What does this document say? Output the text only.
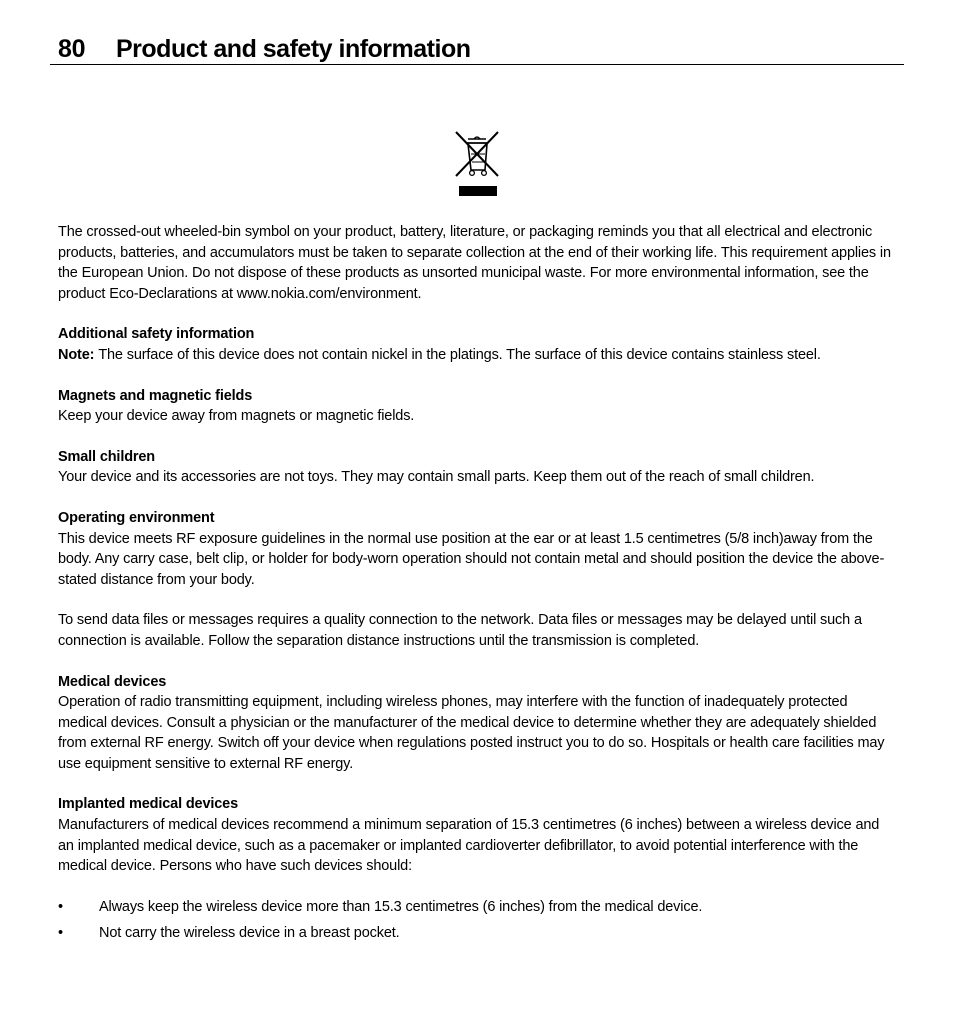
80	Product and safety information

The crossed-out wheeled-bin symbol on your product, battery, literature, or packaging reminds you that all electrical and electronic products, batteries, and accumulators must be taken to separate collection at the end of their working life. This requirement applies in the European Union. Do not dispose of these products as unsorted municipal waste. For more environmental information, see the product Eco-Declarations at www.nokia.com/environment.

Additional safety information

Note: The surface of this device does not contain nickel in the platings. The surface of this device contains stainless steel.

Magnets and magnetic fields

Keep your device away from magnets or magnetic fields.

Small children

Your device and its accessories are not toys. They may contain small parts. Keep them out of the reach of small children.

Operating environment

This device meets RF exposure guidelines in the normal use position at the ear or at least 1.5 centimetres (5/8 inch)away from the body. Any carry case, belt clip, or holder for body-worn operation should not contain metal and should position the device the above-stated distance from your body.

To send data files or messages requires a quality connection to the network. Data files or messages may be delayed until such a connection is available. Follow the separation distance instructions until the transmission is completed.

Medical devices

Operation of radio transmitting equipment, including wireless phones, may interfere with the function of inadequately protected medical devices. Consult a physician or the manufacturer of the medical device to determine whether they are adequately shielded from external RF energy. Switch off your device when regulations posted instruct you to do so. Hospitals or health care facilities may use equipment sensitive to external RF energy.

Implanted medical devices

Manufacturers of medical devices recommend a minimum separation of 15.3 centimetres (6 inches) between a wireless device and an implanted medical device, such as a pacemaker or implanted cardioverter defibrillator, to avoid potential interference with the medical device. Persons who have such devices should:

•	Always keep the wireless device more than 15.3 centimetres (6 inches) from the medical device.
•	Not carry the wireless device in a breast pocket.
